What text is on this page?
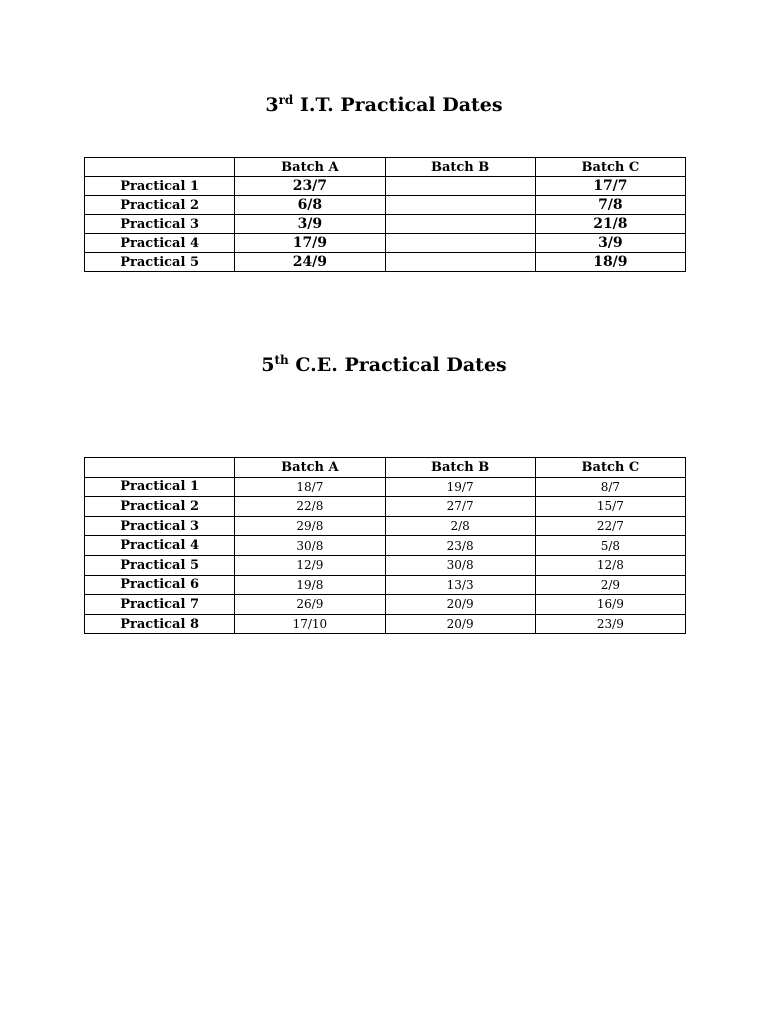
3rd I.T. Practical Dates
	Batch A	Batch B	Batch C
Practical 1	23/7		17/7
Practical 2	6/8		7/8
Practical 3	3/9		21/8
Practical 4	17/9		3/9
Practical 5	24/9		18/9
5th C.E. Practical Dates
	Batch A	Batch B	Batch C
Practical 1	18/7	19/7	8/7
Practical 2	22/8	27/7	15/7
Practical 3	29/8	2/8	22/7
Practical 4	30/8	23/8	5/8
Practical 5	12/9	30/8	12/8
Practical 6	19/8	13/3	2/9
Practical 7	26/9	20/9	16/9
Practical 8	17/10	20/9	23/9
